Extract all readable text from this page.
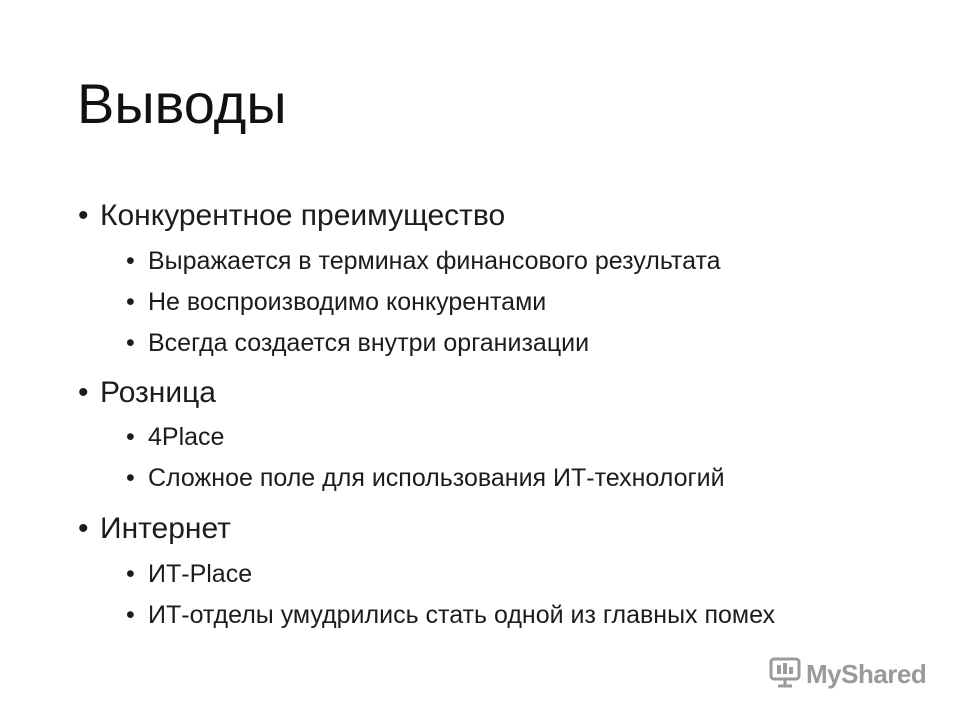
Выводы
• Конкурентное преимущество
• Выражается в терминах финансового результата
• Не воспроизводимо конкурентами
• Всегда создается внутри организации
• Розница
• 4Place
• Сложное поле для использования ИТ-технологий
• Интернет
• ИТ-Place
• ИТ-отделы умудрились стать одной из главных помех
MyShared
